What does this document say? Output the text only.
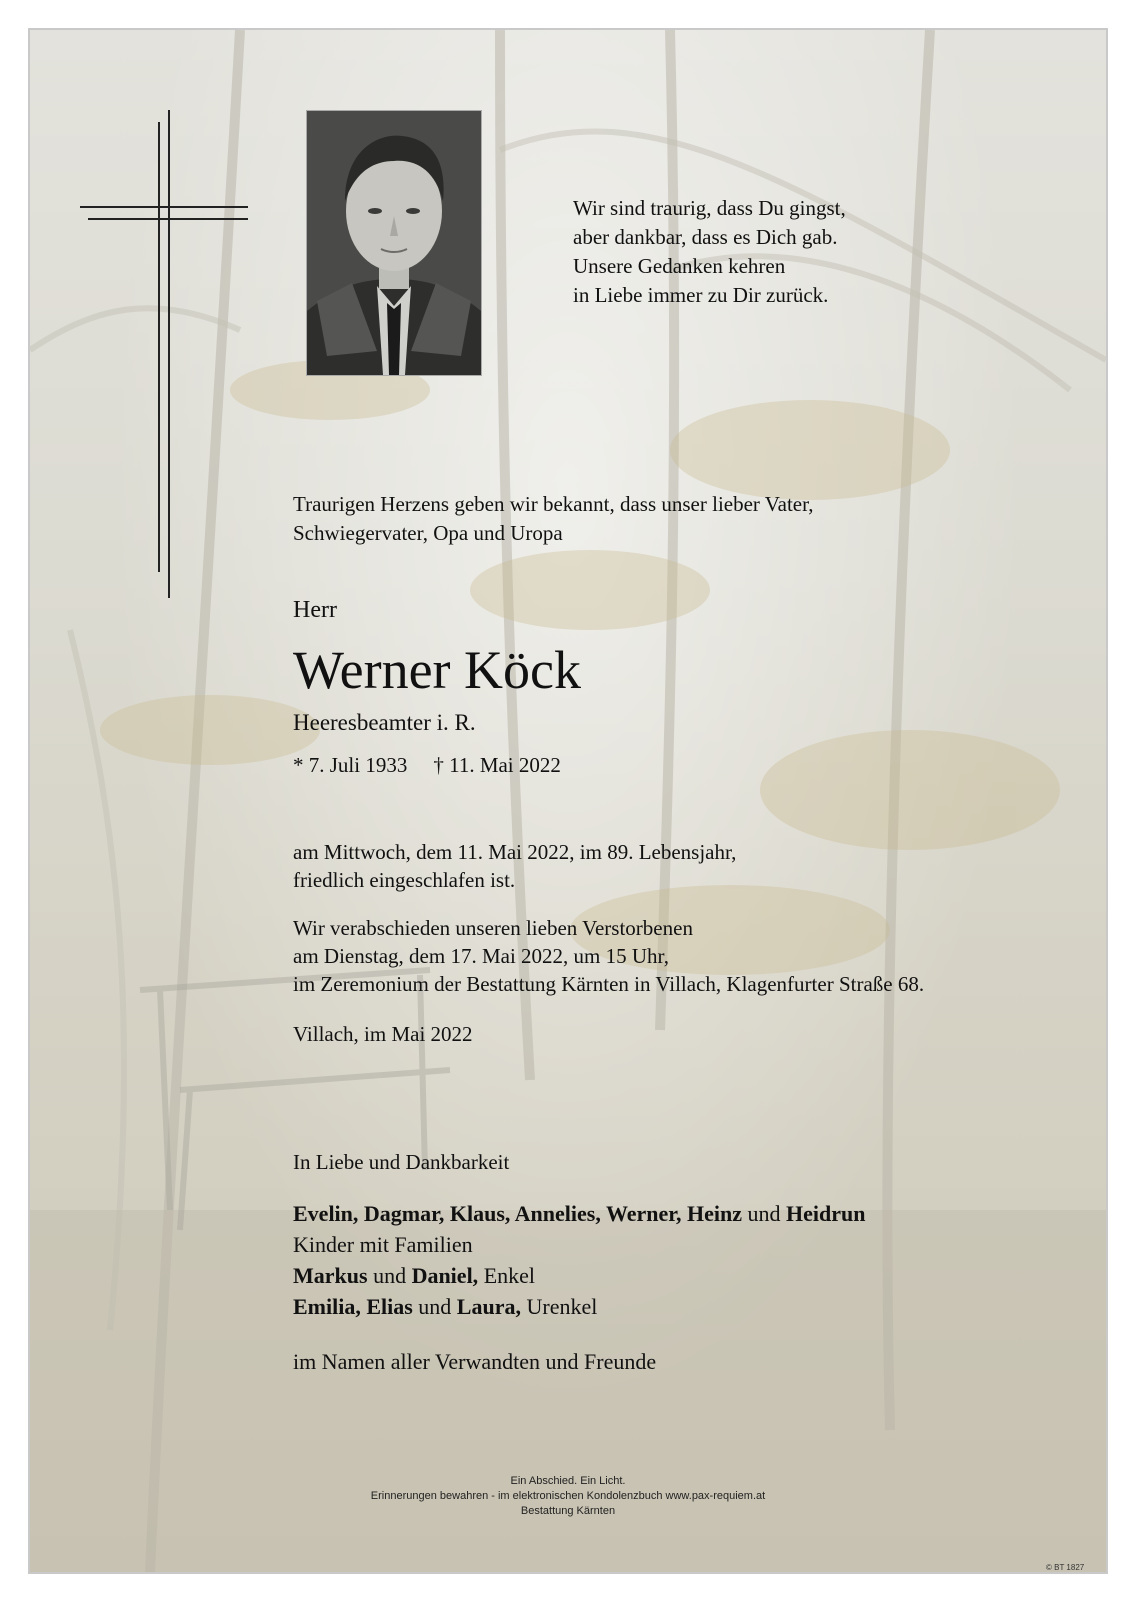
Wir sind traurig, dass Du gingst,
aber dankbar, dass es Dich gab.
Unsere Gedanken kehren
in Liebe immer zu Dir zurück.
Traurigen Herzens geben wir bekannt, dass unser lieber Vater,
Schwiegervater, Opa und Uropa
Herr
Werner Köck
Heeresbeamter i. R.
* 7. Juli 1933 † 11. Mai 2022
am Mittwoch, dem 11. Mai 2022, im 89. Lebensjahr,
friedlich eingeschlafen ist.
Wir verabschieden unseren lieben Verstorbenen
am Dienstag, dem 17. Mai 2022, um 15 Uhr,
im Zeremonium der Bestattung Kärnten in Villach, Klagenfurter Straße 68.
Villach, im Mai 2022
In Liebe und Dankbarkeit
Evelin, Dagmar, Klaus, Annelies, Werner, Heinz und Heidrun
Kinder mit Familien
Markus und Daniel, Enkel
Emilia, Elias und Laura, Urenkel
im Namen aller Verwandten und Freunde
Ein Abschied. Ein Licht.
Erinnerungen bewahren - im elektronischen Kondolenzbuch www.pax-requiem.at
Bestattung Kärnten
© BT 1827
